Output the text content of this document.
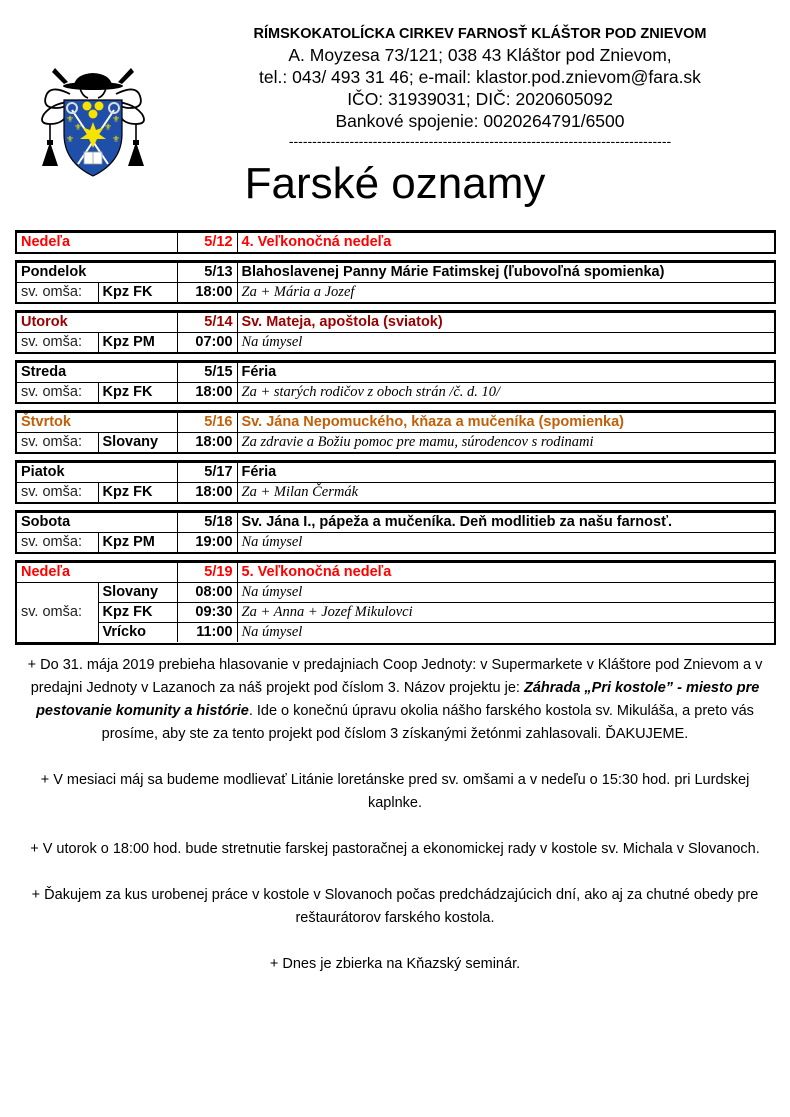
⚜
⚜
⚜
⚜
⚜
⚜
RÍMSKOKATOLÍCKA CIRKEV FARNOSŤ KLÁŠTOR POD ZNIEVOM
A. Moyzesa 73/121; 038 43 Kláštor pod Znievom,
tel.: 043/ 493 31 46; e-mail: klastor.pod.znievom@fara.sk
IČO: 31939031; DIČ: 2020605092
Bankové spojenie: 0020264791/6500
----------------------------------------------------------------------------------
Farské oznamy
Nedeľa	5/12	4. Veľkonočná nedeľa
Pondelok		5/13	Blahoslavenej Panny Márie Fatimskej (ľubovoľná spomienka)
sv. omša:	Kpz FK	18:00	Za + Mária a Jozef
Utorok		5/14	Sv. Mateja, apoštola (sviatok)
sv. omša:	Kpz PM	07:00	Na úmysel
Streda		5/15	Féria
sv. omša:	Kpz FK	18:00	Za + starých rodičov z oboch strán /č. d. 10/
Štvrtok		5/16	Sv. Jána Nepomuckého, kňaza a mučeníka (spomienka)
sv. omša:	Slovany	18:00	Za zdravie a Božiu pomoc pre mamu, súrodencov s rodinami
Piatok		5/17	Féria
sv. omša:	Kpz FK	18:00	Za + Milan Čermák
Sobota		5/18	Sv. Jána I., pápeža a mučeníka. Deň modlitieb za našu farnosť.
sv. omša:	Kpz PM	19:00	Na úmysel
Nedeľa		5/19	5. Veľkonočná nedeľa
sv. omša:	Slovany	08:00	Na úmysel
	Kpz FK	09:30	Za + Anna + Jozef Mikulovci
	Vrícko	11:00	Na úmysel

+ Do 31. mája 2019 prebieha hlasovanie v predajniach Coop Jednoty: v Supermarkete v Kláštore pod Znievom a v predajni Jednoty v Lazanoch za náš projekt pod číslom 3. Názov projektu je: Záhrada „Pri kostole” - miesto pre pestovanie komunity a histórie. Ide o konečnú úpravu okolia nášho farského kostola sv. Mikuláša, a preto vás prosíme, aby ste za tento projekt pod číslom 3 získanými žetónmi zahlasovali. ĎAKUJEME.

+ V mesiaci máj sa budeme modlievať Litánie loretánske pred sv. omšami a v nedeľu o 15:30 hod. pri Lurdskej kaplnke.

+ V utorok o 18:00 hod. bude stretnutie farskej pastoračnej a ekonomickej rady v kostole sv. Michala v Slovanoch.

+ Ďakujem za kus urobenej práce v kostole v Slovanoch počas predchádzajúcich dní, ako aj za chutné obedy pre reštaurátorov farského kostola.

+ Dnes je zbierka na Kňazský seminár.
